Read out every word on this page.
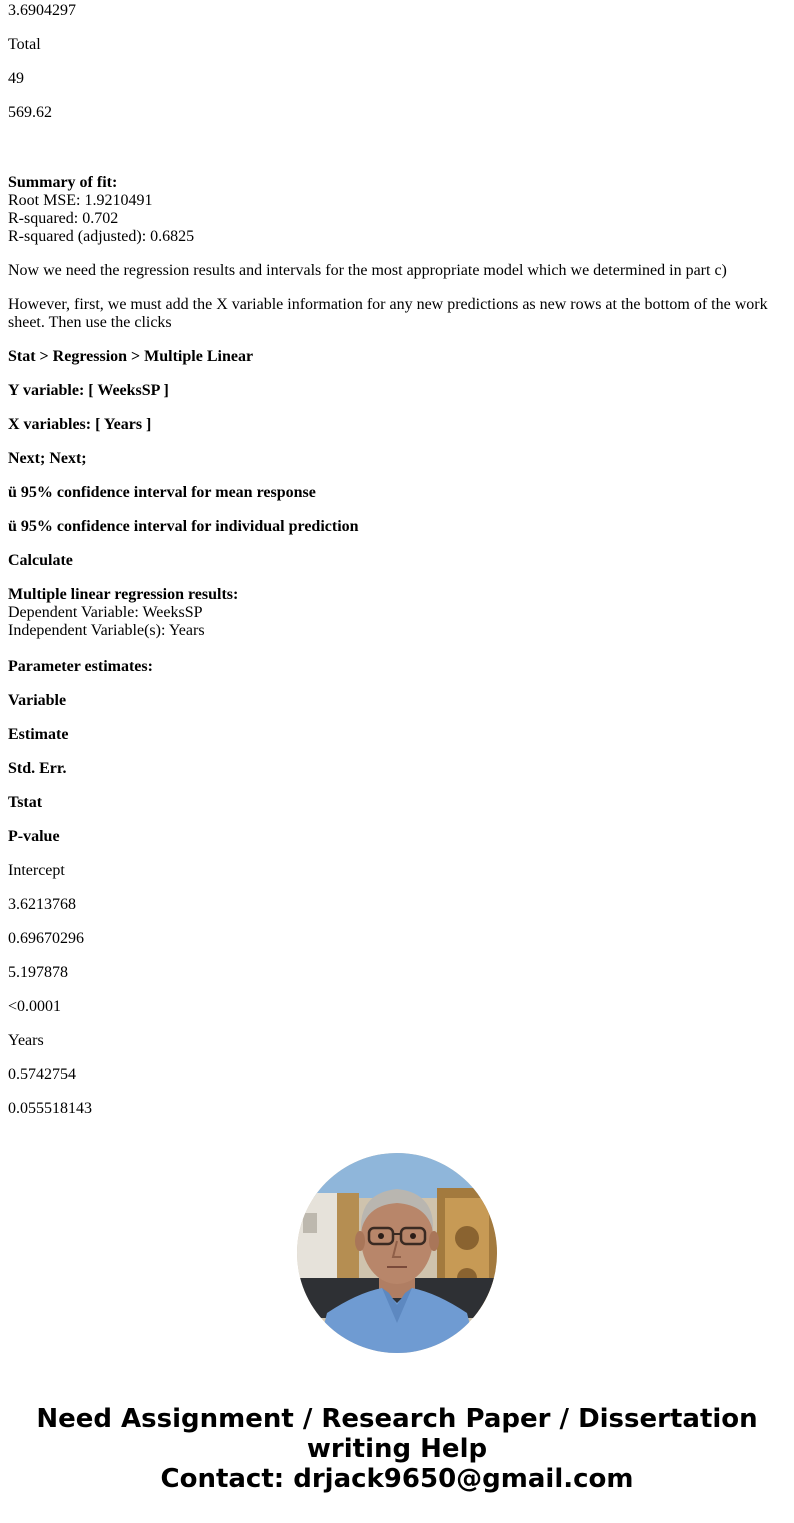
3.6904297

Total

49

569.62

Summary of fit:
Root MSE: 1.9210491
R-squared: 0.702
R-squared (adjusted): 0.6825

Now we need the regression results and intervals for the most appropriate model which we determined in part c)

However, first, we must add the X variable information for any new predictions as new rows at the bottom of the work sheet. Then use the clicks

Stat > Regression > Multiple Linear

Y variable: [ WeeksSP ]

X variables: [ Years ]

Next; Next;

ü 95% confidence interval for mean response

ü 95% confidence interval for individual prediction

Calculate

Multiple linear regression results:
Dependent Variable: WeeksSP
Independent Variable(s): Years

Parameter estimates:

Variable

Estimate

Std. Err.

Tstat

P-value

Intercept

3.6213768

0.69670296

5.197878

<0.0001

Years

0.5742754

0.055518143

Need Assignment / Research Paper / Dissertation
writing Help
Contact: drjack9650@gmail.com
